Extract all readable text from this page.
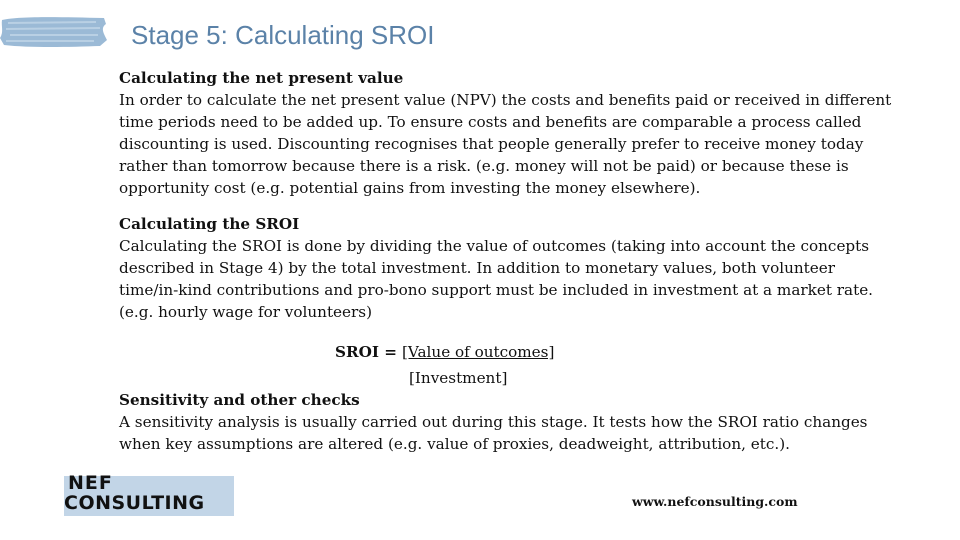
Stage 5: Calculating SROI
Calculating the net present value
In order to calculate the net present value (NPV) the costs and benefits paid or received in different time periods need to be added up. To ensure costs and benefits are comparable a process called discounting is used. Discounting recognises that people generally prefer to receive money today rather than tomorrow because there is a risk. (e.g. money will not be paid) or because these is opportunity cost (e.g. potential gains from investing the money elsewhere).
Calculating the SROI
Calculating the SROI is done by dividing the value of outcomes (taking into account the concepts described in Stage 4) by the total investment. In addition to monetary values, both volunteer time/in-kind contributions and pro-bono support must be included in investment at a market rate. (e.g. hourly wage for volunteers)
SROI = [Value of outcomes]
[Investment]
Sensitivity and other checks
A sensitivity analysis is usually carried out during this stage. It tests how the SROI ratio changes when key assumptions are altered (e.g. value of proxies, deadweight, attribution, etc.).
NEF
CONSULTING	www.nefconsulting.com
